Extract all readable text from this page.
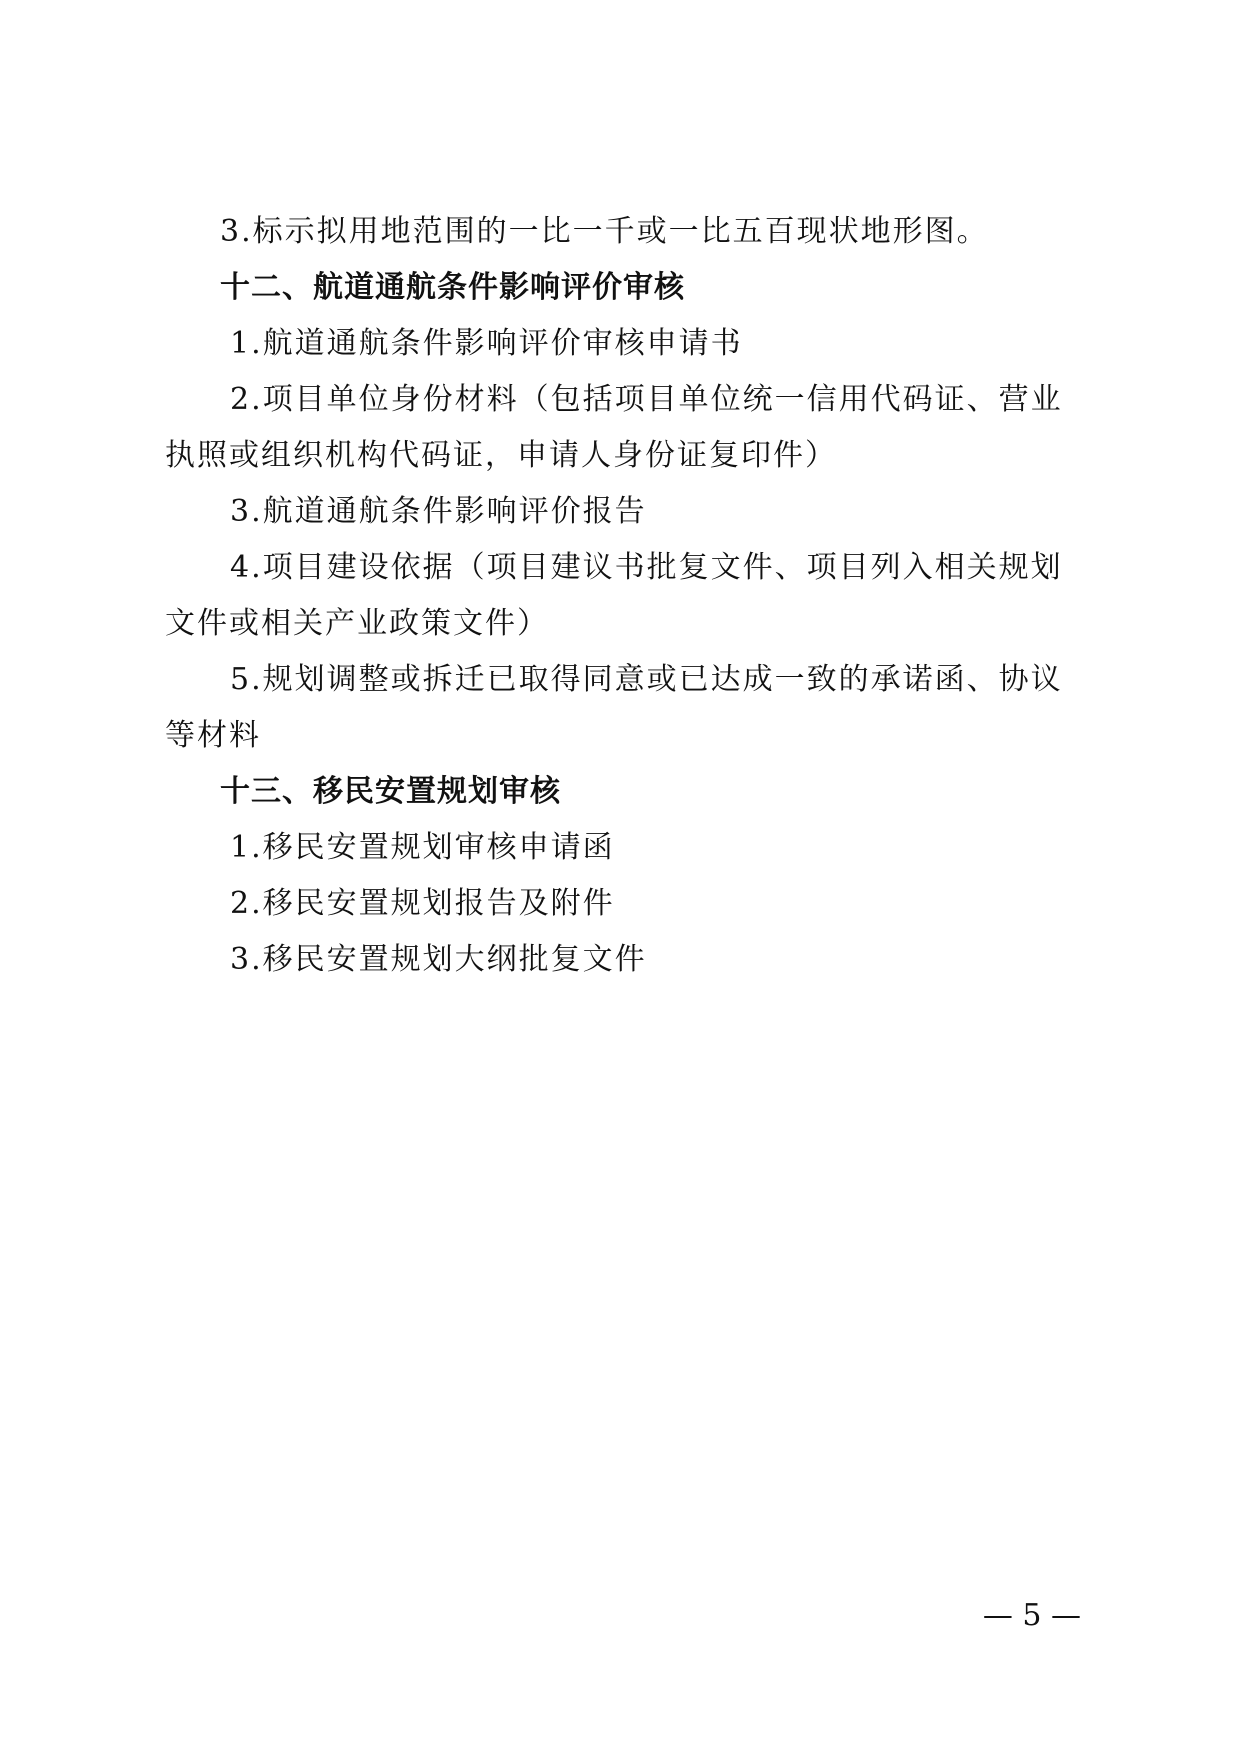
3.标示拟用地范围的一比一千或一比五百现状地形图。
十二、航道通航条件影响评价审核
1.航道通航条件影响评价审核申请书
2.项目单位身份材料（包括项目单位统一信用代码证、营业
执照或组织机构代码证，申请人身份证复印件）
3.航道通航条件影响评价报告
4.项目建设依据（项目建议书批复文件、项目列入相关规划
文件或相关产业政策文件）
5.规划调整或拆迁已取得同意或已达成一致的承诺函、协议
等材料
十三、移民安置规划审核
1.移民安置规划审核申请函
2.移民安置规划报告及附件
3.移民安置规划大纲批复文件
— 5 —
